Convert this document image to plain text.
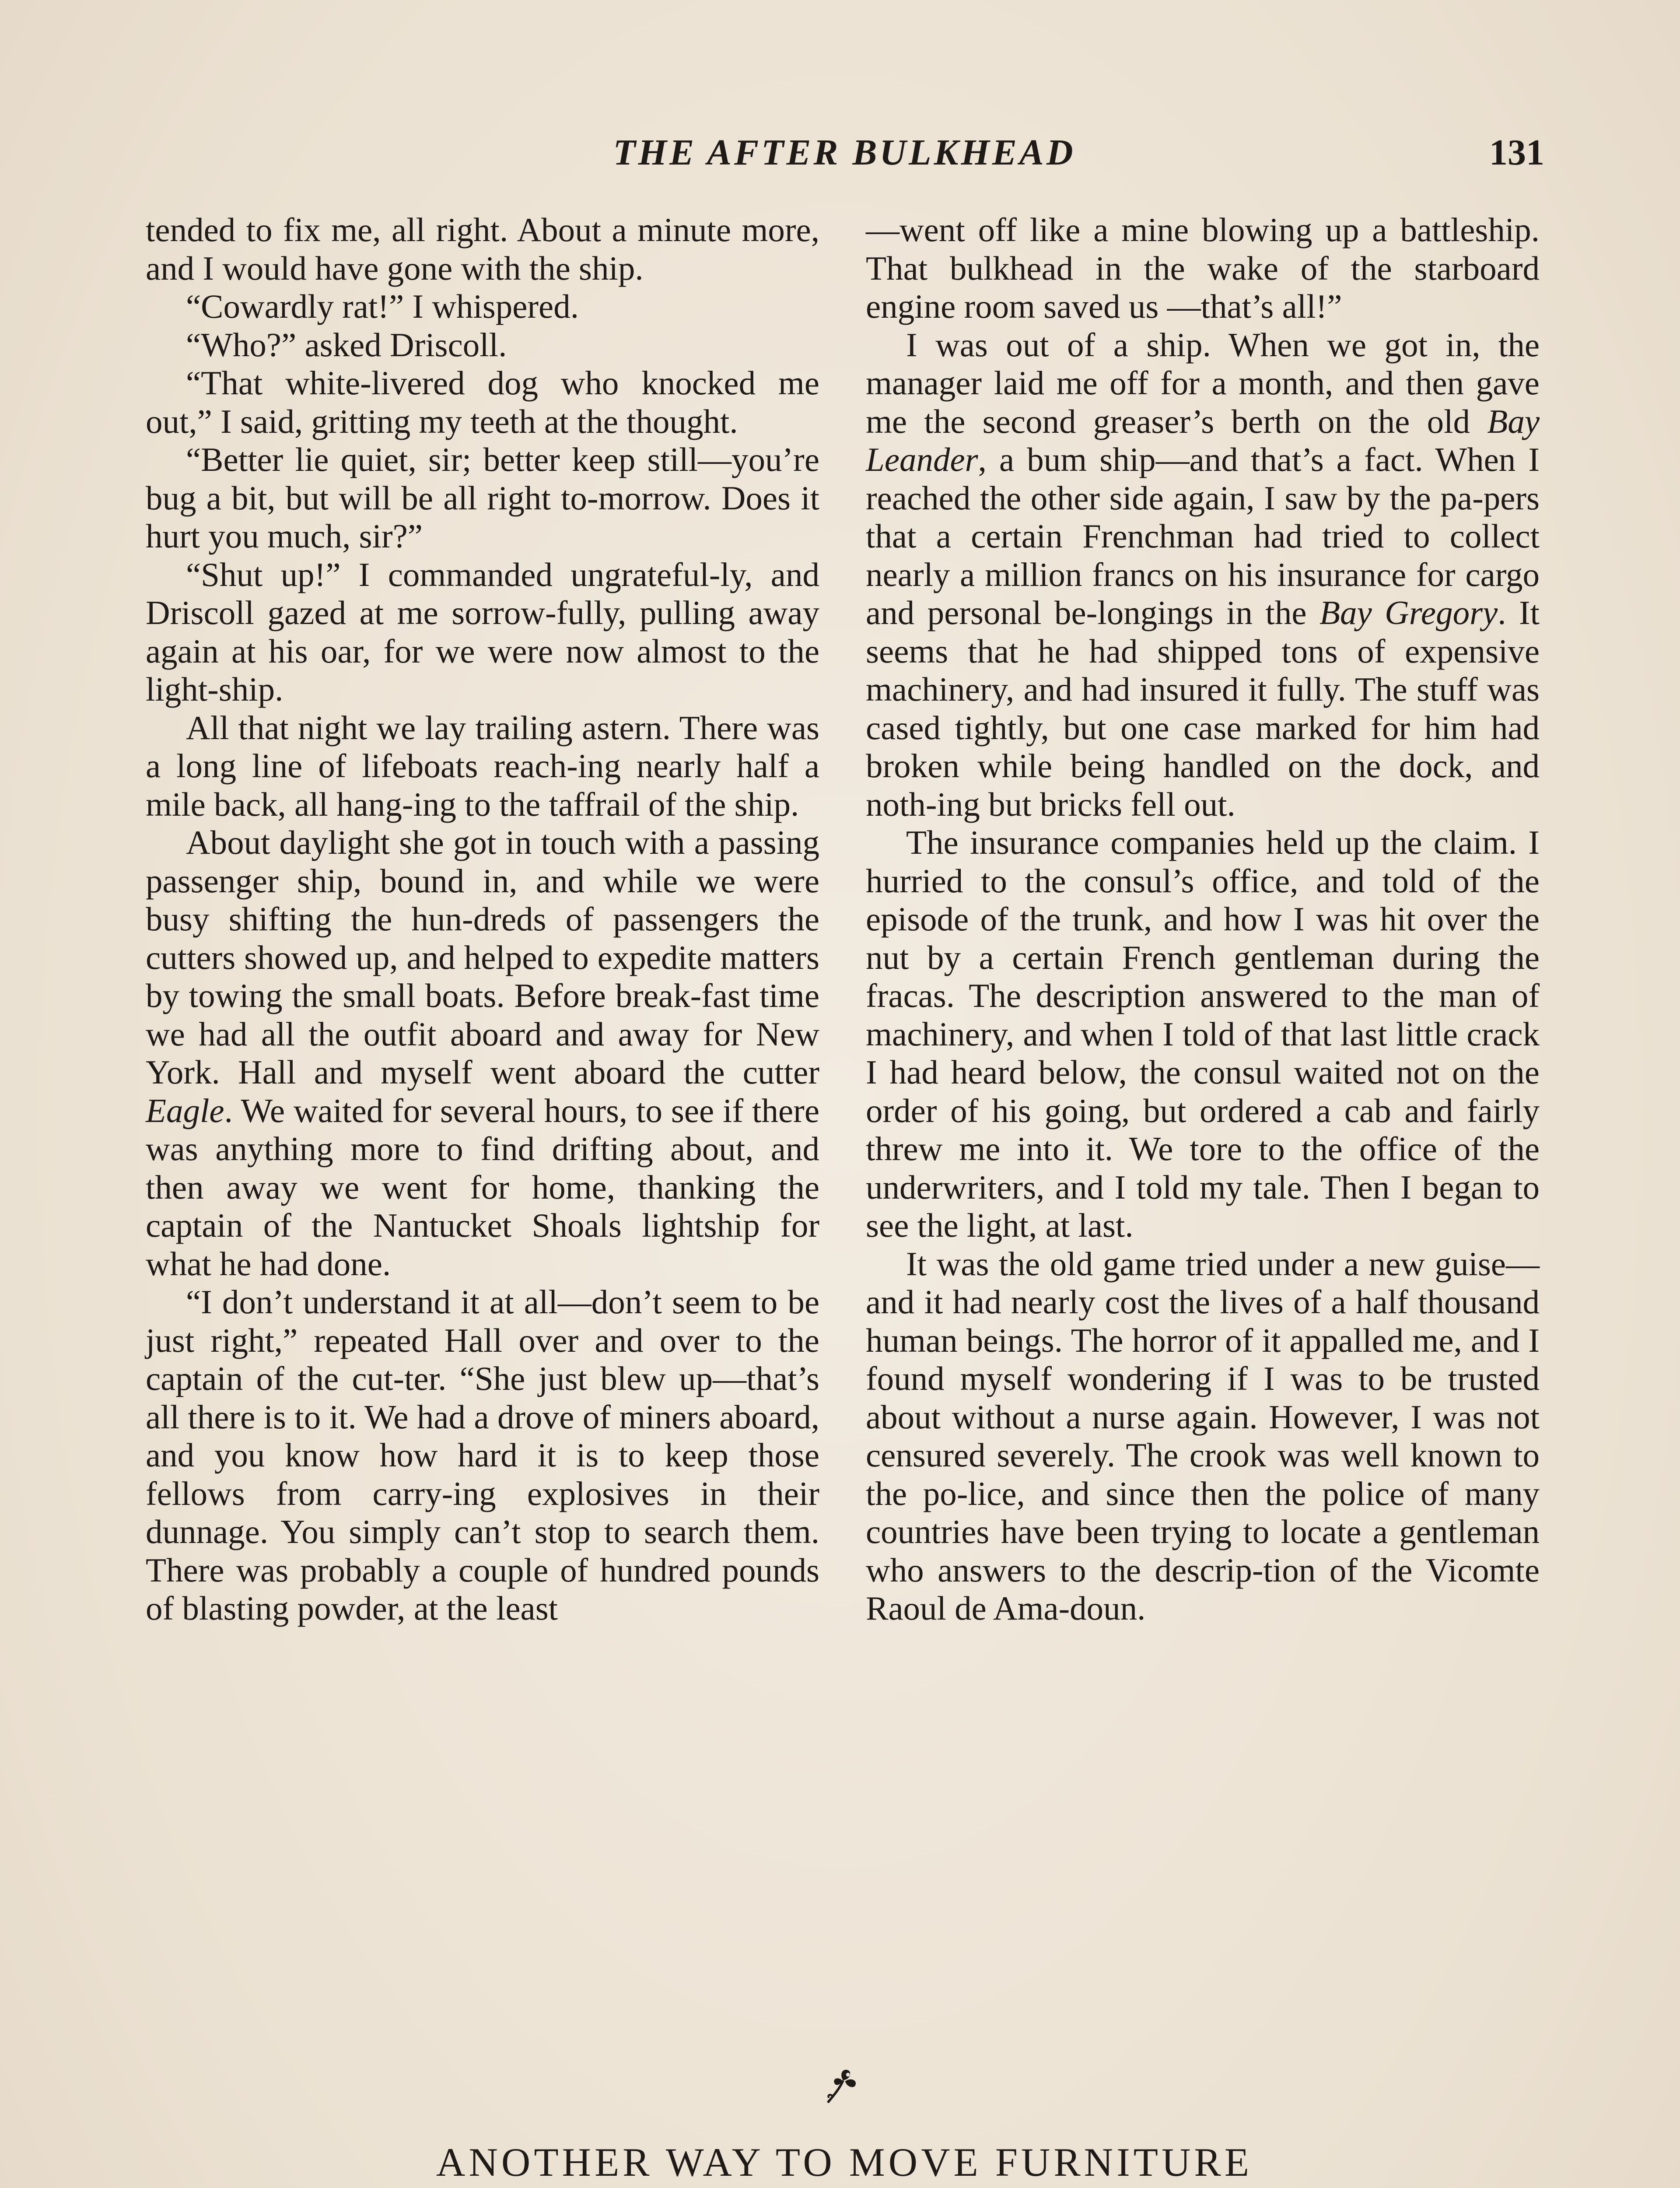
THE AFTER BULKHEAD	131

tended to fix me, all right. About a minute more, and I would have gone with the ship.

“Cowardly rat!” I whispered.

“Who?” asked Driscoll.

“That white-livered dog who knocked me out,” I said, gritting my teeth at the thought.

“Better lie quiet, sir; better keep still—you’re bug a bit, but will be all right to-morrow. Does it hurt you much, sir?”

“Shut up!” I commanded ungrateful-ly, and Driscoll gazed at me sorrow-fully, pulling away again at his oar, for we were now almost to the light-ship.

All that night we lay trailing astern. There was a long line of lifeboats reach-ing nearly half a mile back, all hang-ing to the taffrail of the ship.

About daylight she got in touch with a passing passenger ship, bound in, and while we were busy shifting the hun-dreds of passengers the cutters showed up, and helped to expedite matters by towing the small boats. Before break-fast time we had all the outfit aboard and away for New York. Hall and myself went aboard the cutter Eagle. We waited for several hours, to see if there was anything more to find drifting about, and then away we went for home, thanking the captain of the Nantucket Shoals lightship for what he had done.

“I don’t understand it at all—don’t seem to be just right,” repeated Hall over and over to the captain of the cut-ter. “She just blew up—that’s all there is to it. We had a drove of miners aboard, and you know how hard it is to keep those fellows from carry-ing explosives in their dunnage. You simply can’t stop to search them. There was probably a couple of hundred pounds of blasting powder, at the least

—went off like a mine blowing up a battleship. That bulkhead in the wake of the starboard engine room saved us —that’s all!”

I was out of a ship. When we got in, the manager laid me off for a month, and then gave me the second greaser’s berth on the old Bay Leander, a bum ship—and that’s a fact. When I reached the other side again, I saw by the pa-pers that a certain Frenchman had tried to collect nearly a million francs on his insurance for cargo and personal be-longings in the Bay Gregory. It seems that he had shipped tons of expensive machinery, and had insured it fully. The stuff was cased tightly, but one case marked for him had broken while being handled on the dock, and noth-ing but bricks fell out.

The insurance companies held up the claim. I hurried to the consul’s office, and told of the episode of the trunk, and how I was hit over the nut by a certain French gentleman during the fracas. The description answered to the man of machinery, and when I told of that last little crack I had heard below, the consul waited not on the order of his going, but ordered a cab and fairly threw me into it. We tore to the office of the underwriters, and I told my tale. Then I began to see the light, at last.

It was the old game tried under a new guise—and it had nearly cost the lives of a half thousand human beings. The horror of it appalled me, and I found myself wondering if I was to be trusted about without a nurse again. However, I was not censured severely. The crook was well known to the po-lice, and since then the police of many countries have been trying to locate a gentleman who answers to the descrip-tion of the Vicomte Raoul de Ama-doun.

ANOTHER WAY TO MOVE FURNITURE
